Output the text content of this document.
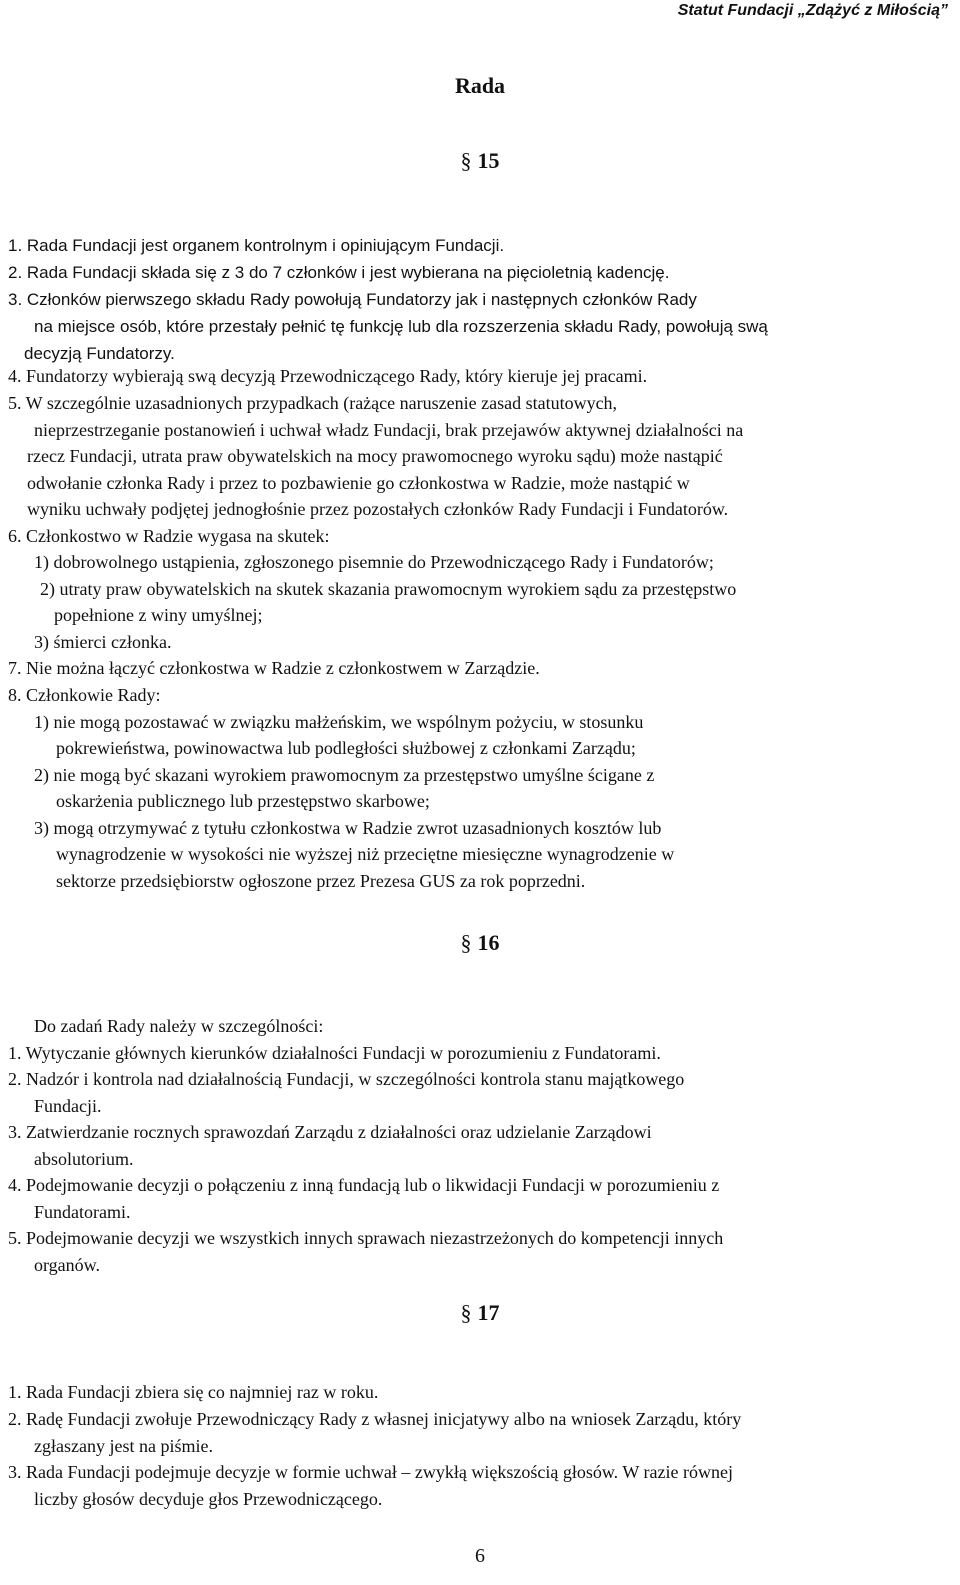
Statut Fundacji „Zdążyć z Miłością”
Rada
§ 15
1. Rada Fundacji jest organem kontrolnym i opiniującym Fundacji.
2. Rada Fundacji składa się z 3 do 7 członków i jest wybierana na pięcioletnią kadencję.
3. Członków pierwszego składu Rady powołują Fundatorzy jak i następnych członków Rady
na miejsce osób, które przestały pełnić tę funkcję lub dla rozszerzenia składu Rady, powołują swą
decyzją Fundatorzy.
4. Fundatorzy wybierają swą decyzją Przewodniczącego Rady, który kieruje jej pracami.
5. W szczególnie uzasadnionych przypadkach (rażące naruszenie zasad statutowych,
nieprzestrzeganie postanowień i uchwał władz Fundacji, brak przejawów aktywnej działalności na
rzecz Fundacji, utrata praw obywatelskich na mocy prawomocnego wyroku sądu) może nastąpić
odwołanie członka Rady i przez to pozbawienie go członkostwa w Radzie, może nastąpić w
wyniku uchwały podjętej jednogłośnie przez pozostałych członków Rady Fundacji i Fundatorów.
6. Członkostwo w Radzie wygasa na skutek:
1) dobrowolnego ustąpienia, zgłoszonego pisemnie do Przewodniczącego Rady i Fundatorów;
2) utraty praw obywatelskich na skutek skazania prawomocnym wyrokiem sądu za przestępstwo
popełnione z winy umyślnej;
3) śmierci członka.
7. Nie można łączyć członkostwa w Radzie z członkostwem w Zarządzie.
8. Członkowie Rady:
1) nie mogą pozostawać w związku małżeńskim, we wspólnym pożyciu, w stosunku
pokrewieństwa, powinowactwa lub podległości służbowej z członkami Zarządu;
2) nie mogą być skazani wyrokiem prawomocnym za przestępstwo umyślne ścigane z
oskarżenia publicznego lub przestępstwo skarbowe;
3) mogą otrzymywać z tytułu członkostwa w Radzie zwrot uzasadnionych kosztów lub
wynagrodzenie w wysokości nie wyższej niż przeciętne miesięczne wynagrodzenie w
sektorze przedsiębiorstw ogłoszone przez Prezesa GUS za rok poprzedni.
§ 16
Do zadań Rady należy w szczególności:
1. Wytyczanie głównych kierunków działalności Fundacji w porozumieniu z Fundatorami.
2. Nadzór i kontrola nad działalnością Fundacji, w szczególności kontrola stanu majątkowego
Fundacji.
3. Zatwierdzanie rocznych sprawozdań Zarządu z działalności oraz udzielanie Zarządowi
absolutorium.
4. Podejmowanie decyzji o połączeniu z inną fundacją lub o likwidacji Fundacji w porozumieniu z
Fundatorami.
5. Podejmowanie decyzji we wszystkich innych sprawach niezastrzeżonych do kompetencji innych
organów.
§ 17
1. Rada Fundacji zbiera się co najmniej raz w roku.
2. Radę Fundacji zwołuje Przewodniczący Rady z własnej inicjatywy albo na wniosek Zarządu, który
zgłaszany jest na piśmie.
3. Rada Fundacji podejmuje decyzje w formie uchwał – zwykłą większością głosów. W razie równej
liczby głosów decyduje głos Przewodniczącego.
6
